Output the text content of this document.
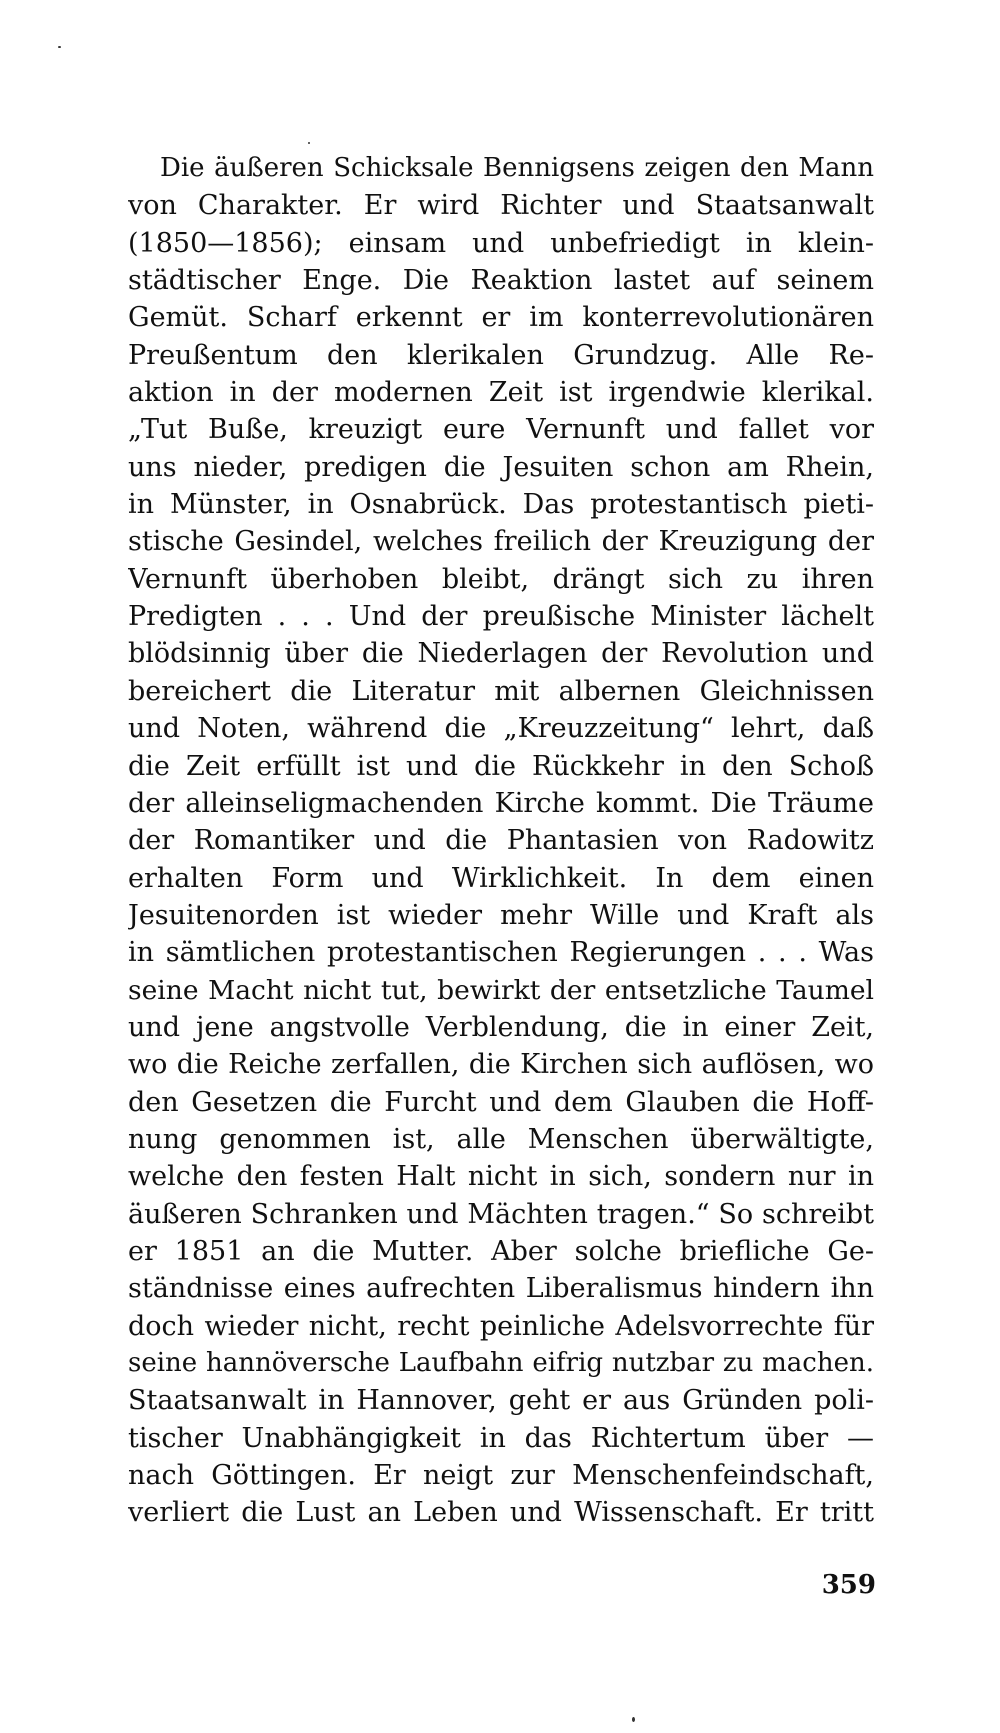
Die äußeren Schicksale Bennigsens zeigen den Mann
von Charakter. Er wird Richter und Staatsanwalt
(1850—1856); einsam und unbefriedigt in klein-
städtischer Enge. Die Reaktion lastet auf seinem
Gemüt. Scharf erkennt er im konterrevolutionären
Preußentum den klerikalen Grundzug. Alle Re-
aktion in der modernen Zeit ist irgendwie klerikal.
„Tut Buße, kreuzigt eure Vernunft und fallet vor
uns nieder, predigen die Jesuiten schon am Rhein,
in Münster, in Osnabrück. Das protestantisch pieti-
stische Gesindel, welches freilich der Kreuzigung der
Vernunft überhoben bleibt, drängt sich zu ihren
Predigten . . . Und der preußische Minister lächelt
blödsinnig über die Niederlagen der Revolution und
bereichert die Literatur mit albernen Gleichnissen
und Noten, während die „Kreuzzeitung“ lehrt, daß
die Zeit erfüllt ist und die Rückkehr in den Schoß
der alleinseligmachenden Kirche kommt. Die Träume
der Romantiker und die Phantasien von Radowitz
erhalten Form und Wirklichkeit. In dem einen
Jesuitenorden ist wieder mehr Wille und Kraft als
in sämtlichen protestantischen Regierungen . . . Was
seine Macht nicht tut, bewirkt der entsetzliche Taumel
und jene angstvolle Verblendung, die in einer Zeit,
wo die Reiche zerfallen, die Kirchen sich auflösen, wo
den Gesetzen die Furcht und dem Glauben die Hoff-
nung genommen ist, alle Menschen überwältigte,
welche den festen Halt nicht in sich, sondern nur in
äußeren Schranken und Mächten tragen.“ So schreibt
er 1851 an die Mutter. Aber solche briefliche Ge-
ständnisse eines aufrechten Liberalismus hindern ihn
doch wieder nicht, recht peinliche Adelsvorrechte für
seine hannöversche Laufbahn eifrig nutzbar zu machen.
Staatsanwalt in Hannover, geht er aus Gründen poli-
tischer Unabhängigkeit in das Richtertum über —
nach Göttingen. Er neigt zur Menschenfeindschaft,
verliert die Lust an Leben und Wissenschaft. Er tritt
359
